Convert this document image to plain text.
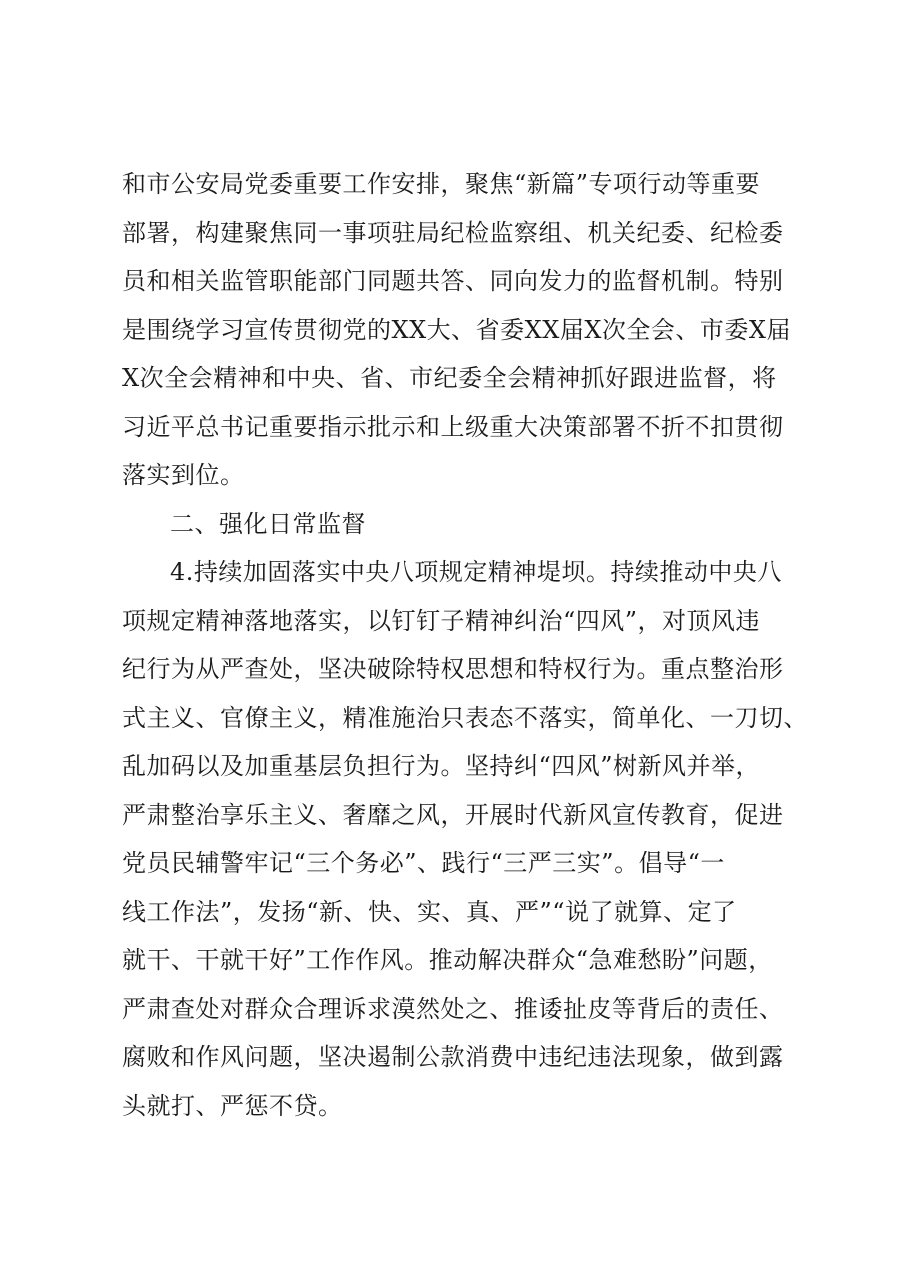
和市公安局党委重要工作安排，聚焦“新篇”专项行动等重要
部署，构建聚焦同一事项驻局纪检监察组、机关纪委、纪检委
员和相关监管职能部门同题共答、同向发力的监督机制。特别
是围绕学习宣传贯彻党的XX大、省委XX届X次全会、市委X届
X次全会精神和中央、省、市纪委全会精神抓好跟进监督，将
习近平总书记重要指示批示和上级重大决策部署不折不扣贯彻
落实到位。
二、强化日常监督
4.持续加固落实中央八项规定精神堤坝。持续推动中央八
项规定精神落地落实，以钉钉子精神纠治“四风”，对顶风违
纪行为从严查处，坚决破除特权思想和特权行为。重点整治形
式主义、官僚主义，精准施治只表态不落实，简单化、一刀切、
乱加码以及加重基层负担行为。坚持纠“四风”树新风并举，
严肃整治享乐主义、奢靡之风，开展时代新风宣传教育，促进
党员民辅警牢记“三个务必”、践行“三严三实”。倡导“一
线工作法”，发扬“新、快、实、真、严”“说了就算、定了
就干、干就干好”工作作风。推动解决群众“急难愁盼”问题，
严肃查处对群众合理诉求漠然处之、推诿扯皮等背后的责任、
腐败和作风问题，坚决遏制公款消费中违纪违法现象，做到露
头就打、严惩不贷。
